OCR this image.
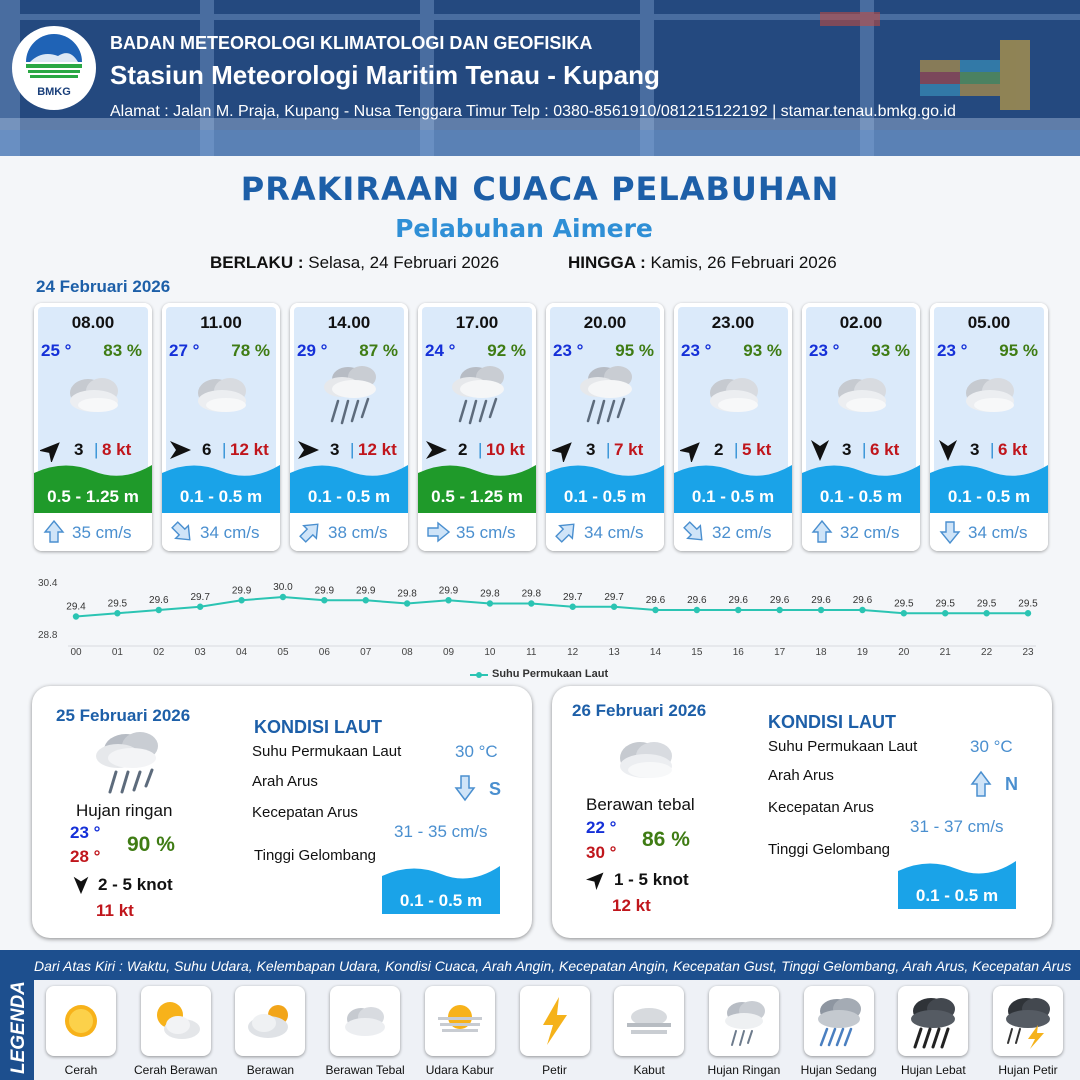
BMKG
BADAN METEOROLOGI KLIMATOLOGI DAN GEOFISIKA
Stasiun Meteorologi Maritim Tenau - Kupang
Alamat : Jalan M. Praja, Kupang - Nusa Tenggara Timur Telp : 0380-8561910/081215122192 | stamar.tenau.bmkg.go.id
PRAKIRAAN CUACA PELABUHAN
Pelabuhan Aimere
BERLAKU : Selasa, 24 Februari 2026	HINGGA : Kamis, 26 Februari 2026
24 Februari 2026
08.00
25 ° 83 %
3 | 8 kt
0.5 - 1.25 m
35 cm/s
11.00
27 ° 78 %
6 | 12 kt
0.1 - 0.5 m
34 cm/s
14.00
29 ° 87 %
3 | 12 kt
0.1 - 0.5 m
38 cm/s
17.00
24 ° 92 %
2 | 10 kt
0.5 - 1.25 m
35 cm/s
20.00
23 ° 95 %
3 | 7 kt
0.1 - 0.5 m
34 cm/s
23.00
23 ° 93 %
2 | 5 kt
0.1 - 0.5 m
32 cm/s
02.00
23 ° 93 %
3 | 6 kt
0.1 - 0.5 m
32 cm/s
05.00
23 ° 95 %
3 | 6 kt
0.1 - 0.5 m
34 cm/s
30.4
28.8
29.4
00
29.5
01
29.6
02
29.7
03
29.9
04
30.0
05
29.9
06
29.9
07
29.8
08
29.9
09
29.8
10
29.8
11
29.7
12
29.7
13
29.6
14
29.6
15
29.6
16
29.6
17
29.6
18
29.6
19
29.5
20
29.5
21
29.5
22
29.5
23
Suhu Permukaan Laut
25 Februari 2026
Hujan ringan
23 °
28 °
90 %
2 - 5 knot
11 kt
KONDISI LAUT
Suhu Permukaan Laut	30 °C
Arah Arus	S
Kecepatan Arus
31 - 35 cm/s
Tinggi Gelombang
0.1 - 0.5 m
26 Februari 2026
Berawan tebal
22 °
30 °
86 %
1 - 5 knot
12 kt
KONDISI LAUT
Suhu Permukaan Laut	30 °C
Arah Arus	N
Kecepatan Arus
31 - 37 cm/s
Tinggi Gelombang
0.1 - 0.5 m
LEGENDA
Dari Atas Kiri : Waktu, Suhu Udara, Kelembapan Udara, Kondisi Cuaca, Arah Angin, Kecepatan Angin, Kecepatan Gust, Tinggi Gelombang, Arah Arus, Kecepatan Arus
Cerah	Cerah Berawan	Berawan	Berawan Tebal	Udara Kabur	Petir	Kabut	Hujan Ringan	Hujan Sedang	Hujan Lebat	Hujan Petir
